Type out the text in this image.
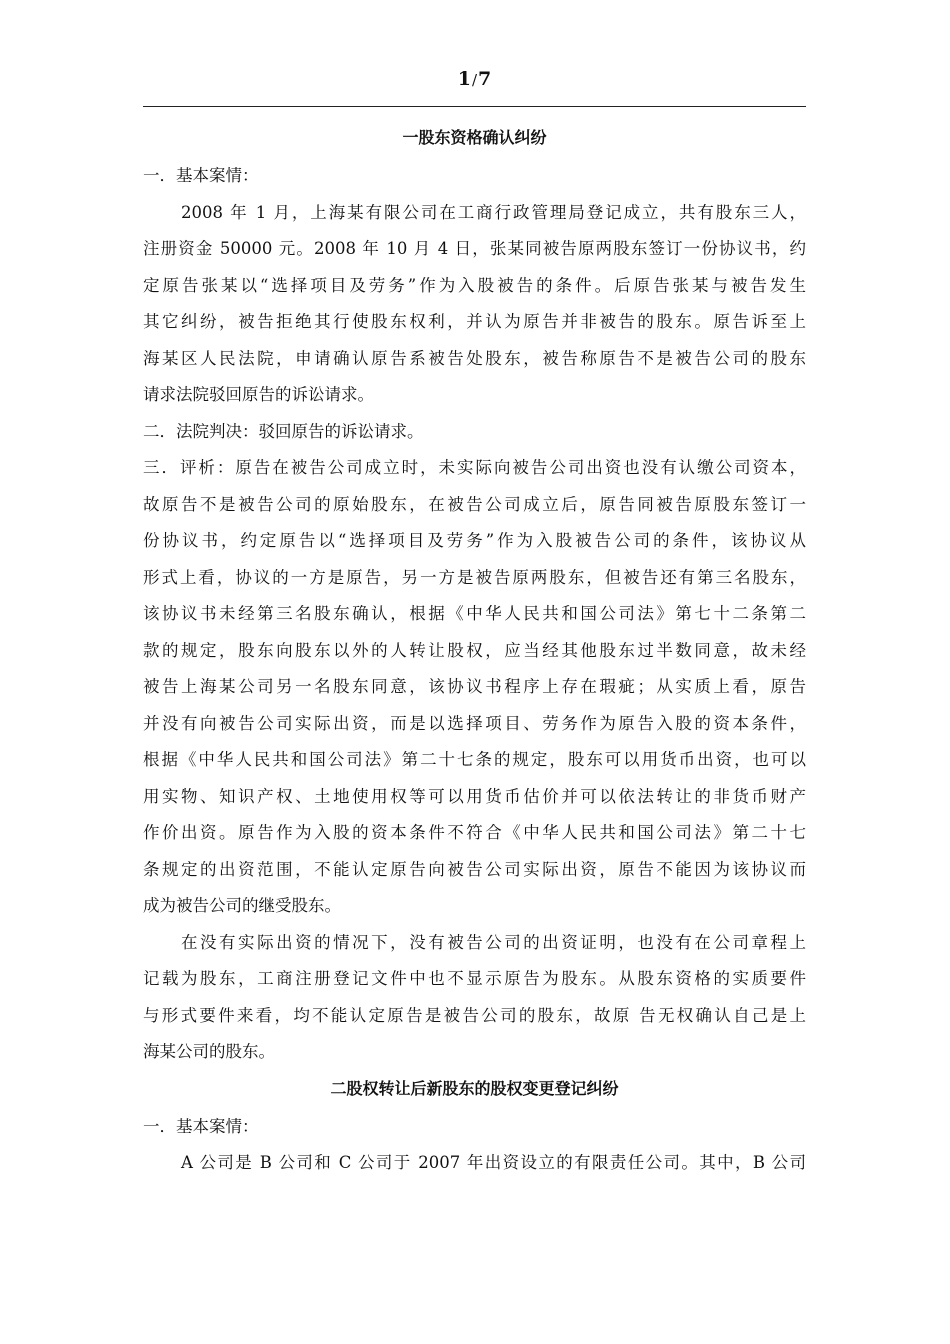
1/7
一股东资格确认纠纷
一．基本案情：
2008 年 1 月，上海某有限公司在工商行政管理局登记成立，共有股东三人，
注册资金 50000 元。2008 年 10 月 4 日，张某同被告原两股东签订一份协议书，约
定原告张某以“选择项目及劳务”作为入股被告的条件。后原告张某与被告发生
其它纠纷，被告拒绝其行使股东权利，并认为原告并非被告的股东。原告诉至上
海某区人民法院，申请确认原告系被告处股东，被告称原告不是被告公司的股东
请求法院驳回原告的诉讼请求。
二．法院判决：驳回原告的诉讼请求。
三．评析：原告在被告公司成立时，未实际向被告公司出资也没有认缴公司资本，
故原告不是被告公司的原始股东，在被告公司成立后，原告同被告原股东签订一
份协议书，约定原告以“选择项目及劳务”作为入股被告公司的条件，该协议从
形式上看，协议的一方是原告，另一方是被告原两股东，但被告还有第三名股东，
该协议书未经第三名股东确认，根据《中华人民共和国公司法》第七十二条第二
款的规定，股东向股东以外的人转让股权，应当经其他股东过半数同意，故未经
被告上海某公司另一名股东同意，该协议书程序上存在瑕疵；从实质上看，原告
并没有向被告公司实际出资，而是以选择项目、劳务作为原告入股的资本条件，
根据《中华人民共和国公司法》第二十七条的规定，股东可以用货币出资，也可以
用实物、知识产权、土地使用权等可以用货币估价并可以依法转让的非货币财产
作价出资。原告作为入股的资本条件不符合《中华人民共和国公司法》第二十七
条规定的出资范围，不能认定原告向被告公司实际出资，原告不能因为该协议而
成为被告公司的继受股东。
在没有实际出资的情况下，没有被告公司的出资证明，也没有在公司章程上
记载为股东，工商注册登记文件中也不显示原告为股东。从股东资格的实质要件
与形式要件来看，均不能认定原告是被告公司的股东，故原 告无权确认自己是上
海某公司的股东。
二股权转让后新股东的股权变更登记纠纷
一．基本案情：
A 公司是 B 公司和 C 公司于 2007 年出资设立的有限责任公司。其中，B 公司
